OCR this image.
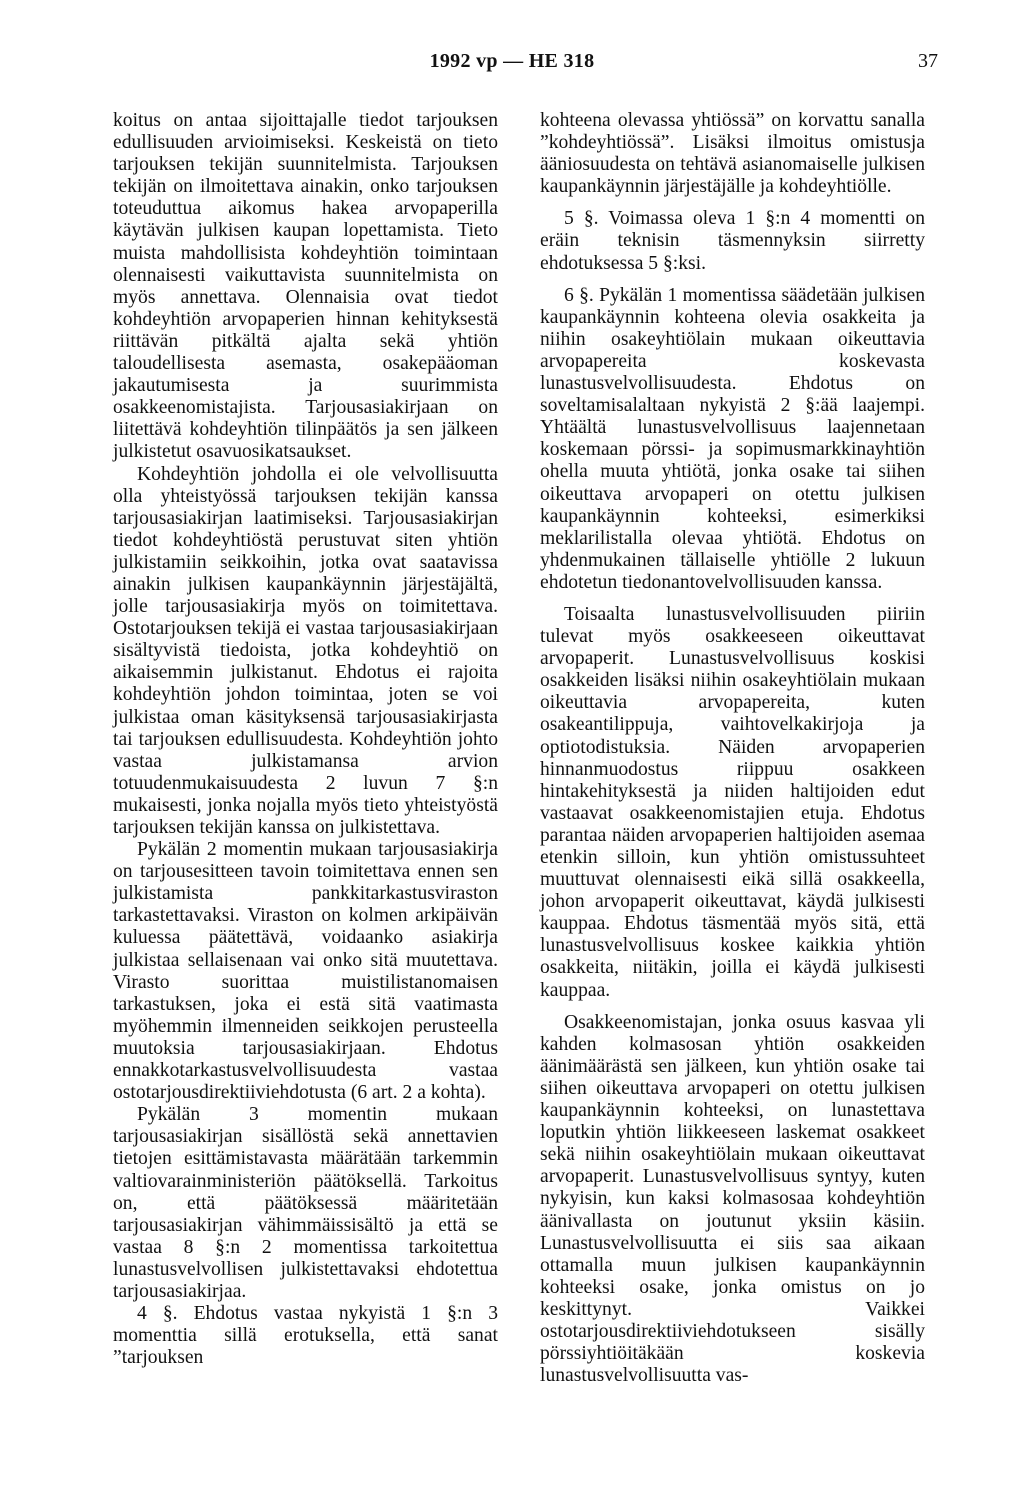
1992 vp — HE 318	37

koitus on antaa sijoittajalle tiedot tarjouksen edullisuuden arvioimiseksi. Keskeistä on tieto tarjouksen tekijän suunnitelmista. Tarjouksen tekijän on ilmoitettava ainakin, onko tarjouksen toteuduttua aikomus hakea arvopaperilla käytävän julkisen kaupan lopettamista. Tieto muista mahdollisista kohdeyhtiön toimintaan olennaisesti vaikuttavista suunnitelmista on myös annettava. Olennaisia ovat tiedot kohdeyhtiön arvopaperien hinnan kehityksestä riittävän pitkältä ajalta sekä yhtiön taloudellisesta asemasta, osakepääoman jakautumisesta ja suurimmista osakkeenomistajista. Tarjousasiakirjaan on liitettävä kohdeyhtiön tilinpäätös ja sen jälkeen julkistetut osavuosikatsaukset.

Kohdeyhtiön johdolla ei ole velvollisuutta olla yhteistyössä tarjouksen tekijän kanssa tarjousasiakirjan laatimiseksi. Tarjousasiakirjan tiedot kohdeyhtiöstä perustuvat siten yhtiön julkistamiin seikkoihin, jotka ovat saatavissa ainakin julkisen kaupankäynnin järjestäjältä, jolle tarjousasiakirja myös on toimitettava. Ostotarjouksen tekijä ei vastaa tarjousasiakirjaan sisältyvistä tiedoista, jotka kohdeyhtiö on aikaisemmin julkistanut. Ehdotus ei rajoita kohdeyhtiön johdon toimintaa, joten se voi julkistaa oman käsityksensä tarjousasiakirjasta tai tarjouksen edullisuudesta. Kohdeyhtiön johto vastaa julkistamansa arvion totuudenmukaisuudesta 2 luvun 7 §:n mukaisesti, jonka nojalla myös tieto yhteistyöstä tarjouksen tekijän kanssa on julkistettava.

Pykälän 2 momentin mukaan tarjousasiakirja on tarjousesitteen tavoin toimitettava ennen sen julkistamista pankkitarkastusviraston tarkastettavaksi. Viraston on kolmen arkipäivän kuluessa päätettävä, voidaanko asiakirja julkistaa sellaisenaan vai onko sitä muutettava. Virasto suorittaa muistilistanomaisen tarkastuksen, joka ei estä sitä vaatimasta myöhemmin ilmenneiden seikkojen perusteella muutoksia tarjousasiakirjaan. Ehdotus ennakkotarkastusvelvollisuudesta vastaa ostotarjousdirektiiviehdotusta (6 art. 2 a kohta).

Pykälän 3 momentin mukaan tarjousasiakirjan sisällöstä sekä annettavien tietojen esittämistavasta määrätään tarkemmin valtiovarainministeriön päätöksellä. Tarkoitus on, että päätöksessä määritetään tarjousasiakirjan vähimmäissisältö ja että se vastaa 8 §:n 2 momentissa tarkoitettua lunastusvelvollisen julkistettavaksi ehdotettua tarjousasiakirjaa.

4 §. Ehdotus vastaa nykyistä 1 §:n 3 momenttia sillä erotuksella, että sanat ”tarjouksen

kohteena olevassa yhtiössä” on korvattu sanalla ”kohdeyhtiössä”. Lisäksi ilmoitus omistusja ääniosuudesta on tehtävä asianomaiselle julkisen kaupankäynnin järjestäjälle ja kohdeyhtiölle.

5 §. Voimassa oleva 1 §:n 4 momentti on eräin teknisin täsmennyksin siirretty ehdotuksessa 5 §:ksi.

6 §. Pykälän 1 momentissa säädetään julkisen kaupankäynnin kohteena olevia osakkeita ja niihin osakeyhtiölain mukaan oikeuttavia arvopapereita koskevasta lunastusvelvollisuudesta. Ehdotus on soveltamisalaltaan nykyistä 2 §:ää laajempi. Yhtäältä lunastusvelvollisuus laajennetaan koskemaan pörssi- ja sopimusmarkkinayhtiön ohella muuta yhtiötä, jonka osake tai siihen oikeuttava arvopaperi on otettu julkisen kaupankäynnin kohteeksi, esimerkiksi meklarilistalla olevaa yhtiötä. Ehdotus on yhdenmukainen tällaiselle yhtiölle 2 lukuun ehdotetun tiedonantovelvollisuuden kanssa.

Toisaalta lunastusvelvollisuuden piiriin tulevat myös osakkeeseen oikeuttavat arvopaperit. Lunastusvelvollisuus koskisi osakkeiden lisäksi niihin osakeyhtiölain mukaan oikeuttavia arvopapereita, kuten osakeantilippuja, vaihtovelkakirjoja ja optiotodistuksia. Näiden arvopaperien hinnanmuodostus riippuu osakkeen hintakehityksestä ja niiden haltijoiden edut vastaavat osakkeenomistajien etuja. Ehdotus parantaa näiden arvopaperien haltijoiden asemaa etenkin silloin, kun yhtiön omistussuhteet muuttuvat olennaisesti eikä sillä osakkeella, johon arvopaperit oikeuttavat, käydä julkisesti kauppaa. Ehdotus täsmentää myös sitä, että lunastusvelvollisuus koskee kaikkia yhtiön osakkeita, niitäkin, joilla ei käydä julkisesti kauppaa.

Osakkeenomistajan, jonka osuus kasvaa yli kahden kolmasosan yhtiön osakkeiden äänimäärästä sen jälkeen, kun yhtiön osake tai siihen oikeuttava arvopaperi on otettu julkisen kaupankäynnin kohteeksi, on lunastettava loputkin yhtiön liikkeeseen laskemat osakkeet sekä niihin osakeyhtiölain mukaan oikeuttavat arvopaperit. Lunastusvelvollisuus syntyy, kuten nykyisin, kun kaksi kolmasosaa kohdeyhtiön äänivallasta on joutunut yksiin käsiin. Lunastusvelvollisuutta ei siis saa aikaan ottamalla muun julkisen kaupankäynnin kohteeksi osake, jonka omistus on jo keskittynyt. Vaikkei ostotarjousdirektiiviehdotukseen sisälly pörssiyhtiöitäkään koskevia lunastusvelvollisuutta vas-
